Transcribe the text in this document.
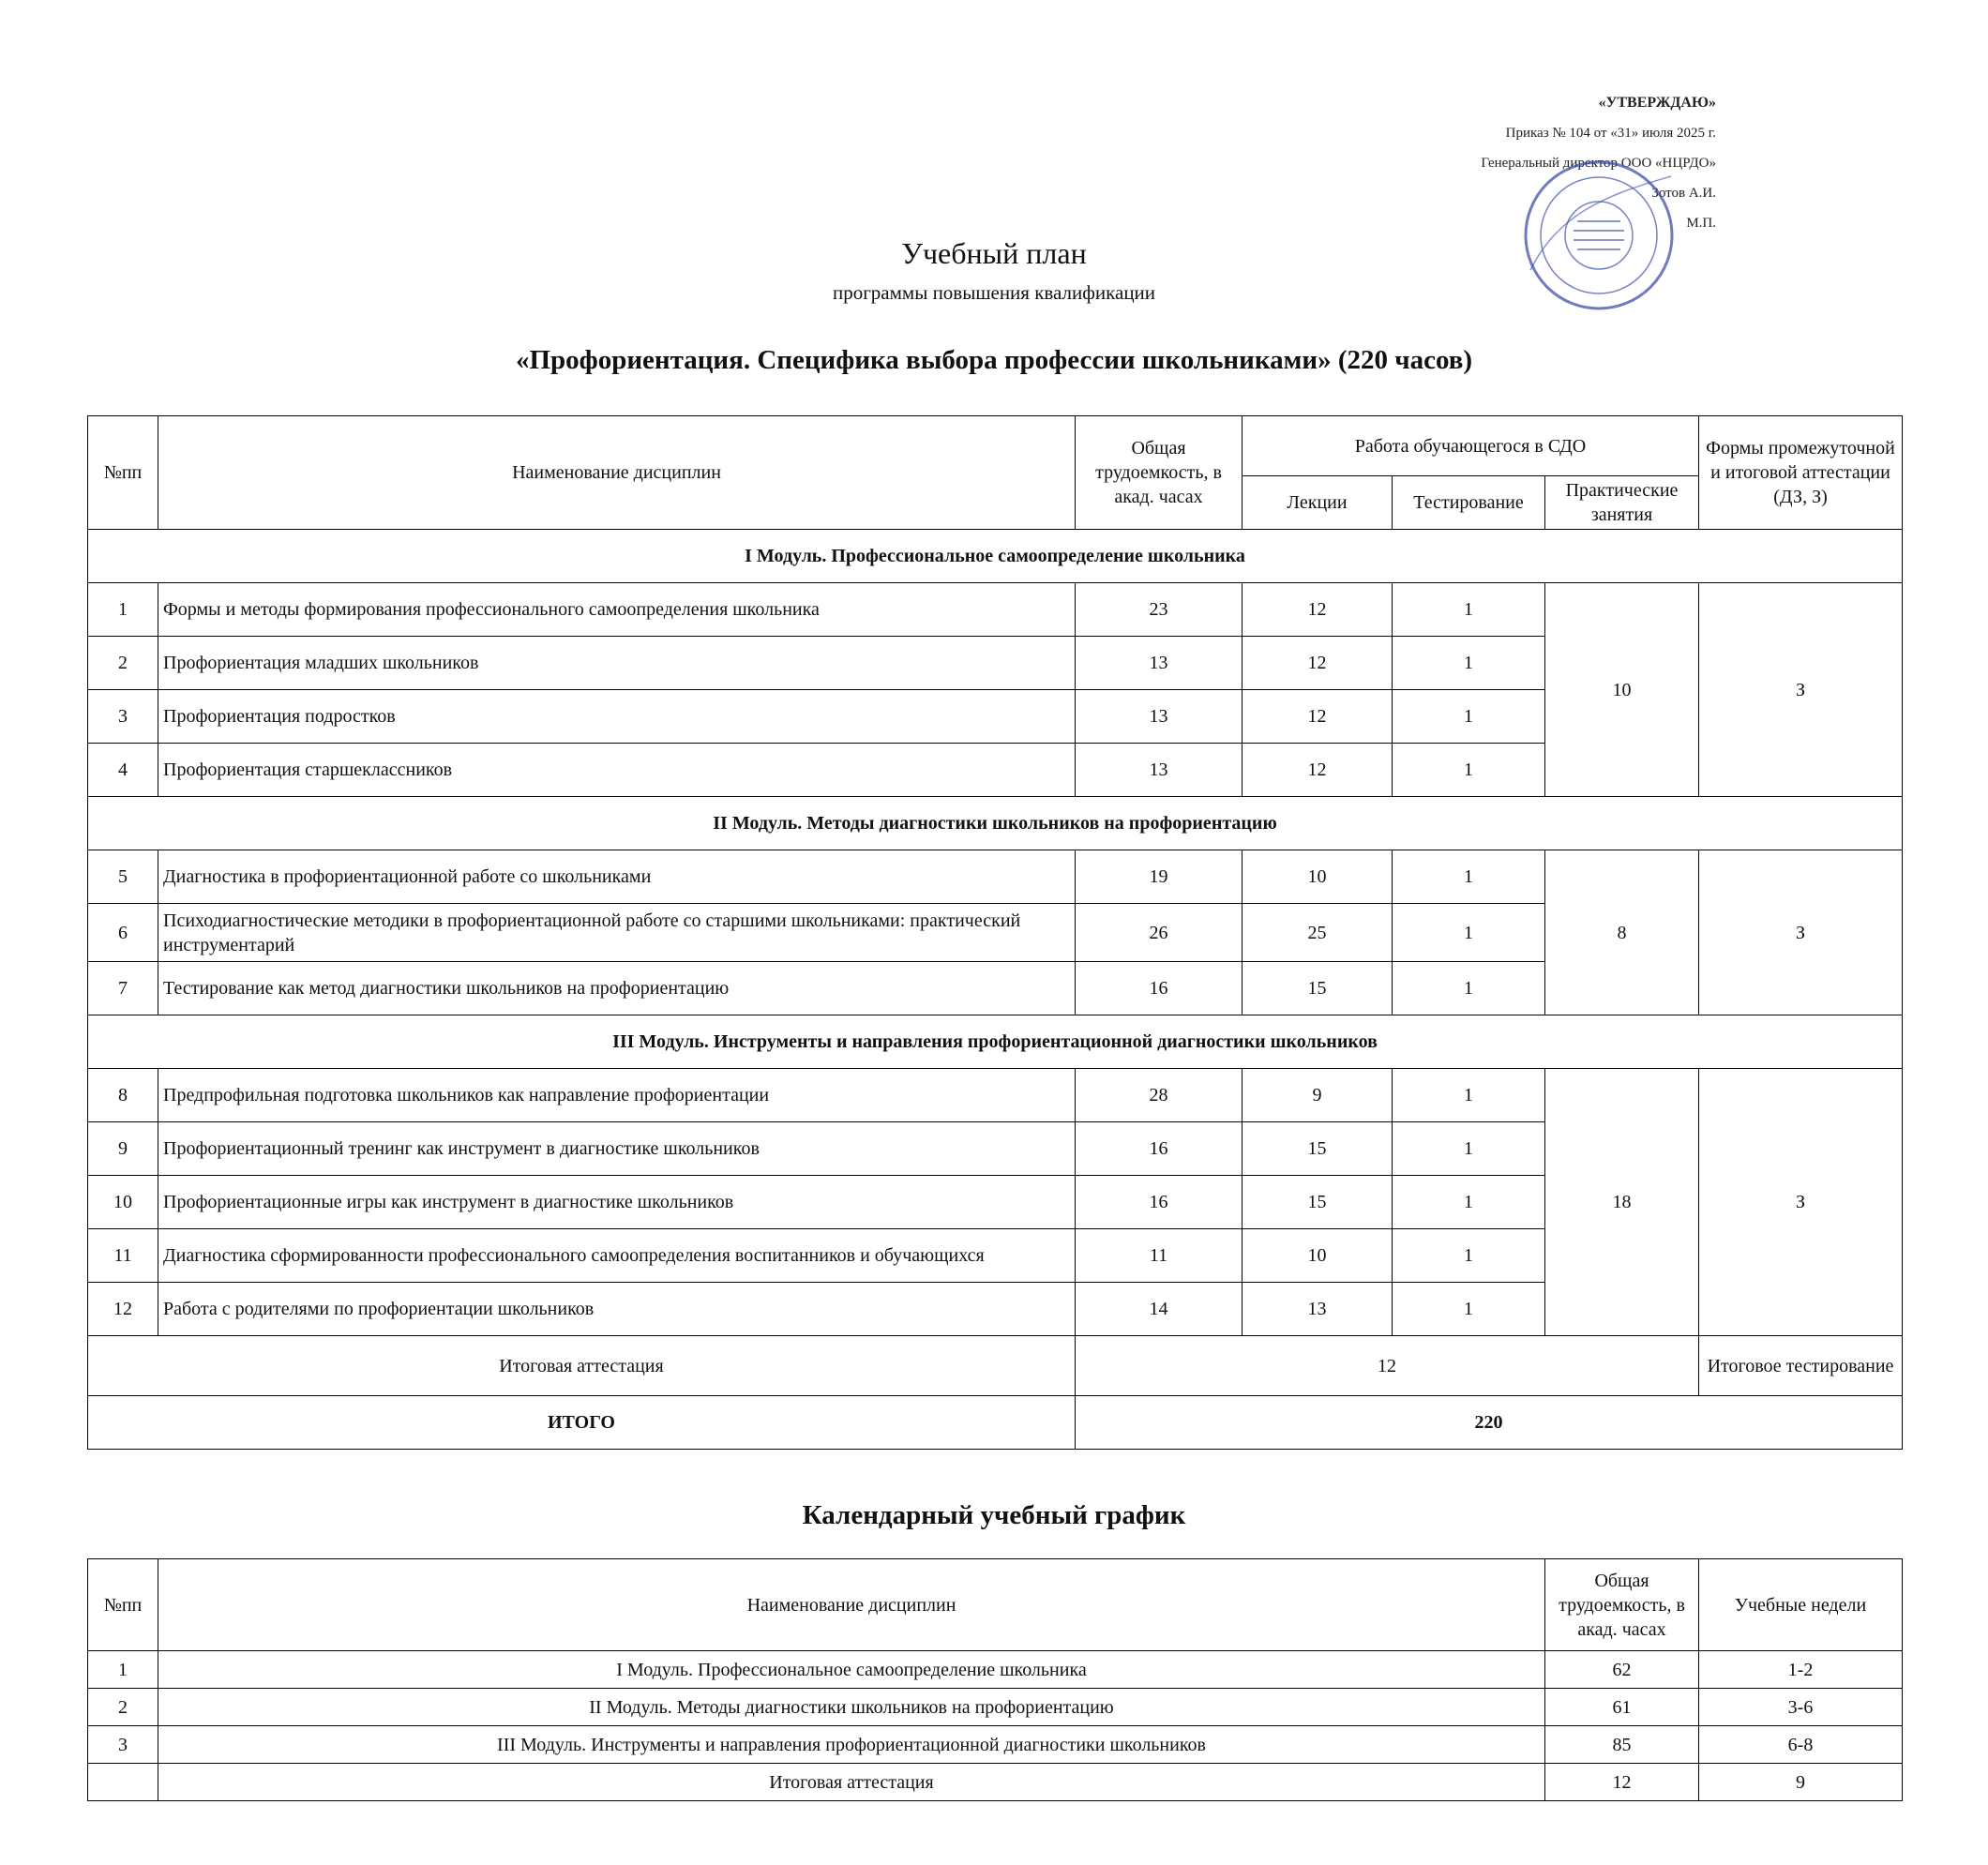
«УТВЕРЖДАЮ»
Приказ № 104 от «31» июля 2025 г.
Генеральный директор ООО «НЦРДО»
Зотов А.И.
М.П.
Учебный план
программы повышения квалификации
«Профориентация. Специфика выбора профессии школьниками» (220 часов)
№пп	Наименование дисциплин	Общая трудоемкость, в акад. часах	Работа обучающегося в СДО			Формы промежуточной и итоговой аттестации (ДЗ, З)
			Лекции	Тестирование	Практические занятия	
I Модуль. Профессиональное самоопределение школьника						
1	Формы и методы формирования профессионального самоопределения школьника	23	12	1	10	З
2	Профориентация младших школьников	13	12	1		
3	Профориентация подростков	13	12	1		
4	Профориентация старшеклассников	13	12	1		
II Модуль. Методы диагностики школьников на профориентацию						
5	Диагностика в профориентационной работе со школьниками	19	10	1	8	З
6	Психодиагностические методики в профориентационной работе со старшими школьниками: практический инструментарий	26	25	1		
7	Тестирование как метод диагностики школьников на профориентацию	16	15	1		
III Модуль. Инструменты и направления профориентационной диагностики школьников						
8	Предпрофильная подготовка школьников как направление профориентации	28	9	1	18	З
9	Профориентационный тренинг как инструмент в диагностике школьников	16	15	1		
10	Профориентационные игры как инструмент в диагностике школьников	16	15	1		
11	Диагностика сформированности профессионального самоопределения воспитанников и обучающихся	11	10	1		
12	Работа с родителями по профориентации школьников	14	13	1		
Итоговая аттестация		12				Итоговое тестирование
ИТОГО		220				
Календарный учебный график
№пп	Наименование дисциплин	Общая трудоемкость, в акад. часах	Учебные недели
1	I Модуль. Профессиональное самоопределение школьника	62	1-2
2	II Модуль. Методы диагностики школьников на профориентацию	61	3-6
3	III Модуль. Инструменты и направления профориентационной диагностики школьников	85	6-8
	Итоговая аттестация	12	9
